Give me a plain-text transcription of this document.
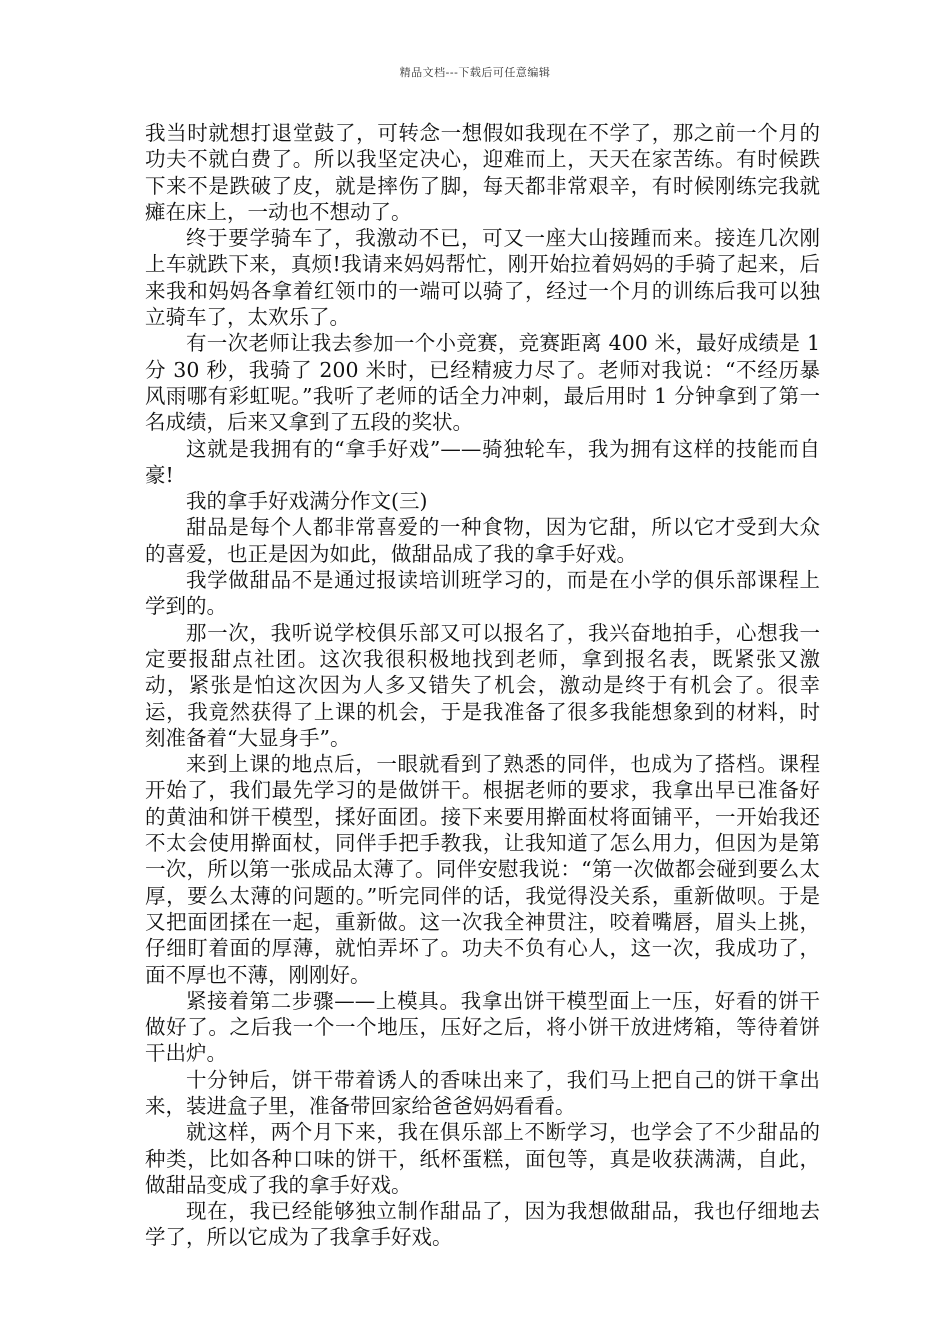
精品文档---下载后可任意编辑

我当时就想打退堂鼓了，可转念一想假如我现在不学了，那之前一个月的功夫不就白费了。所以我坚定决心，迎难而上，天天在家苦练。有时候跌下来不是跌破了皮，就是摔伤了脚，每天都非常艰辛，有时候刚练完我就瘫在床上，一动也不想动了。

终于要学骑车了，我激动不已，可又一座大山接踵而来。接连几次刚上车就跌下来，真烦!我请来妈妈帮忙，刚开始拉着妈妈的手骑了起来，后来我和妈妈各拿着红领巾的一端可以骑了，经过一个月的训练后我可以独立骑车了，太欢乐了。

有一次老师让我去参加一个小竞赛，竞赛距离 400 米，最好成绩是 1 分 30 秒，我骑了 200 米时，已经精疲力尽了。老师对我说：“不经历暴风雨哪有彩虹呢。”我听了老师的话全力冲刺，最后用时 1 分钟拿到了第一名成绩，后来又拿到了五段的奖状。

这就是我拥有的“拿手好戏”——骑独轮车，我为拥有这样的技能而自豪!

我的拿手好戏满分作文(三)

甜品是每个人都非常喜爱的一种食物，因为它甜，所以它才受到大众的喜爱，也正是因为如此，做甜品成了我的拿手好戏。

我学做甜品不是通过报读培训班学习的，而是在小学的俱乐部课程上学到的。

那一次，我听说学校俱乐部又可以报名了，我兴奋地拍手，心想我一定要报甜点社团。这次我很积极地找到老师，拿到报名表，既紧张又激动，紧张是怕这次因为人多又错失了机会，激动是终于有机会了。很幸运，我竟然获得了上课的机会，于是我准备了很多我能想象到的材料，时刻准备着“大显身手”。

来到上课的地点后，一眼就看到了熟悉的同伴，也成为了搭档。课程开始了，我们最先学习的是做饼干。根据老师的要求，我拿出早已准备好的黄油和饼干模型，揉好面团。接下来要用擀面杖将面铺平，一开始我还不太会使用擀面杖，同伴手把手教我，让我知道了怎么用力，但因为是第一次，所以第一张成品太薄了。同伴安慰我说：“第一次做都会碰到要么太厚，要么太薄的问题的。”听完同伴的话，我觉得没关系，重新做呗。于是又把面团揉在一起，重新做。这一次我全神贯注，咬着嘴唇，眉头上挑，仔细盯着面的厚薄，就怕弄坏了。功夫不负有心人，这一次，我成功了，面不厚也不薄，刚刚好。

紧接着第二步骤——上模具。我拿出饼干模型面上一压，好看的饼干做好了。之后我一个一个地压，压好之后，将小饼干放进烤箱，等待着饼干出炉。

十分钟后，饼干带着诱人的香味出来了，我们马上把自己的饼干拿出来，装进盒子里，准备带回家给爸爸妈妈看看。

就这样，两个月下来，我在俱乐部上不断学习，也学会了不少甜品的种类，比如各种口味的饼干，纸杯蛋糕，面包等，真是收获满满，自此，做甜品变成了我的拿手好戏。

现在，我已经能够独立制作甜品了，因为我想做甜品，我也仔细地去学了，所以它成为了我拿手好戏。
